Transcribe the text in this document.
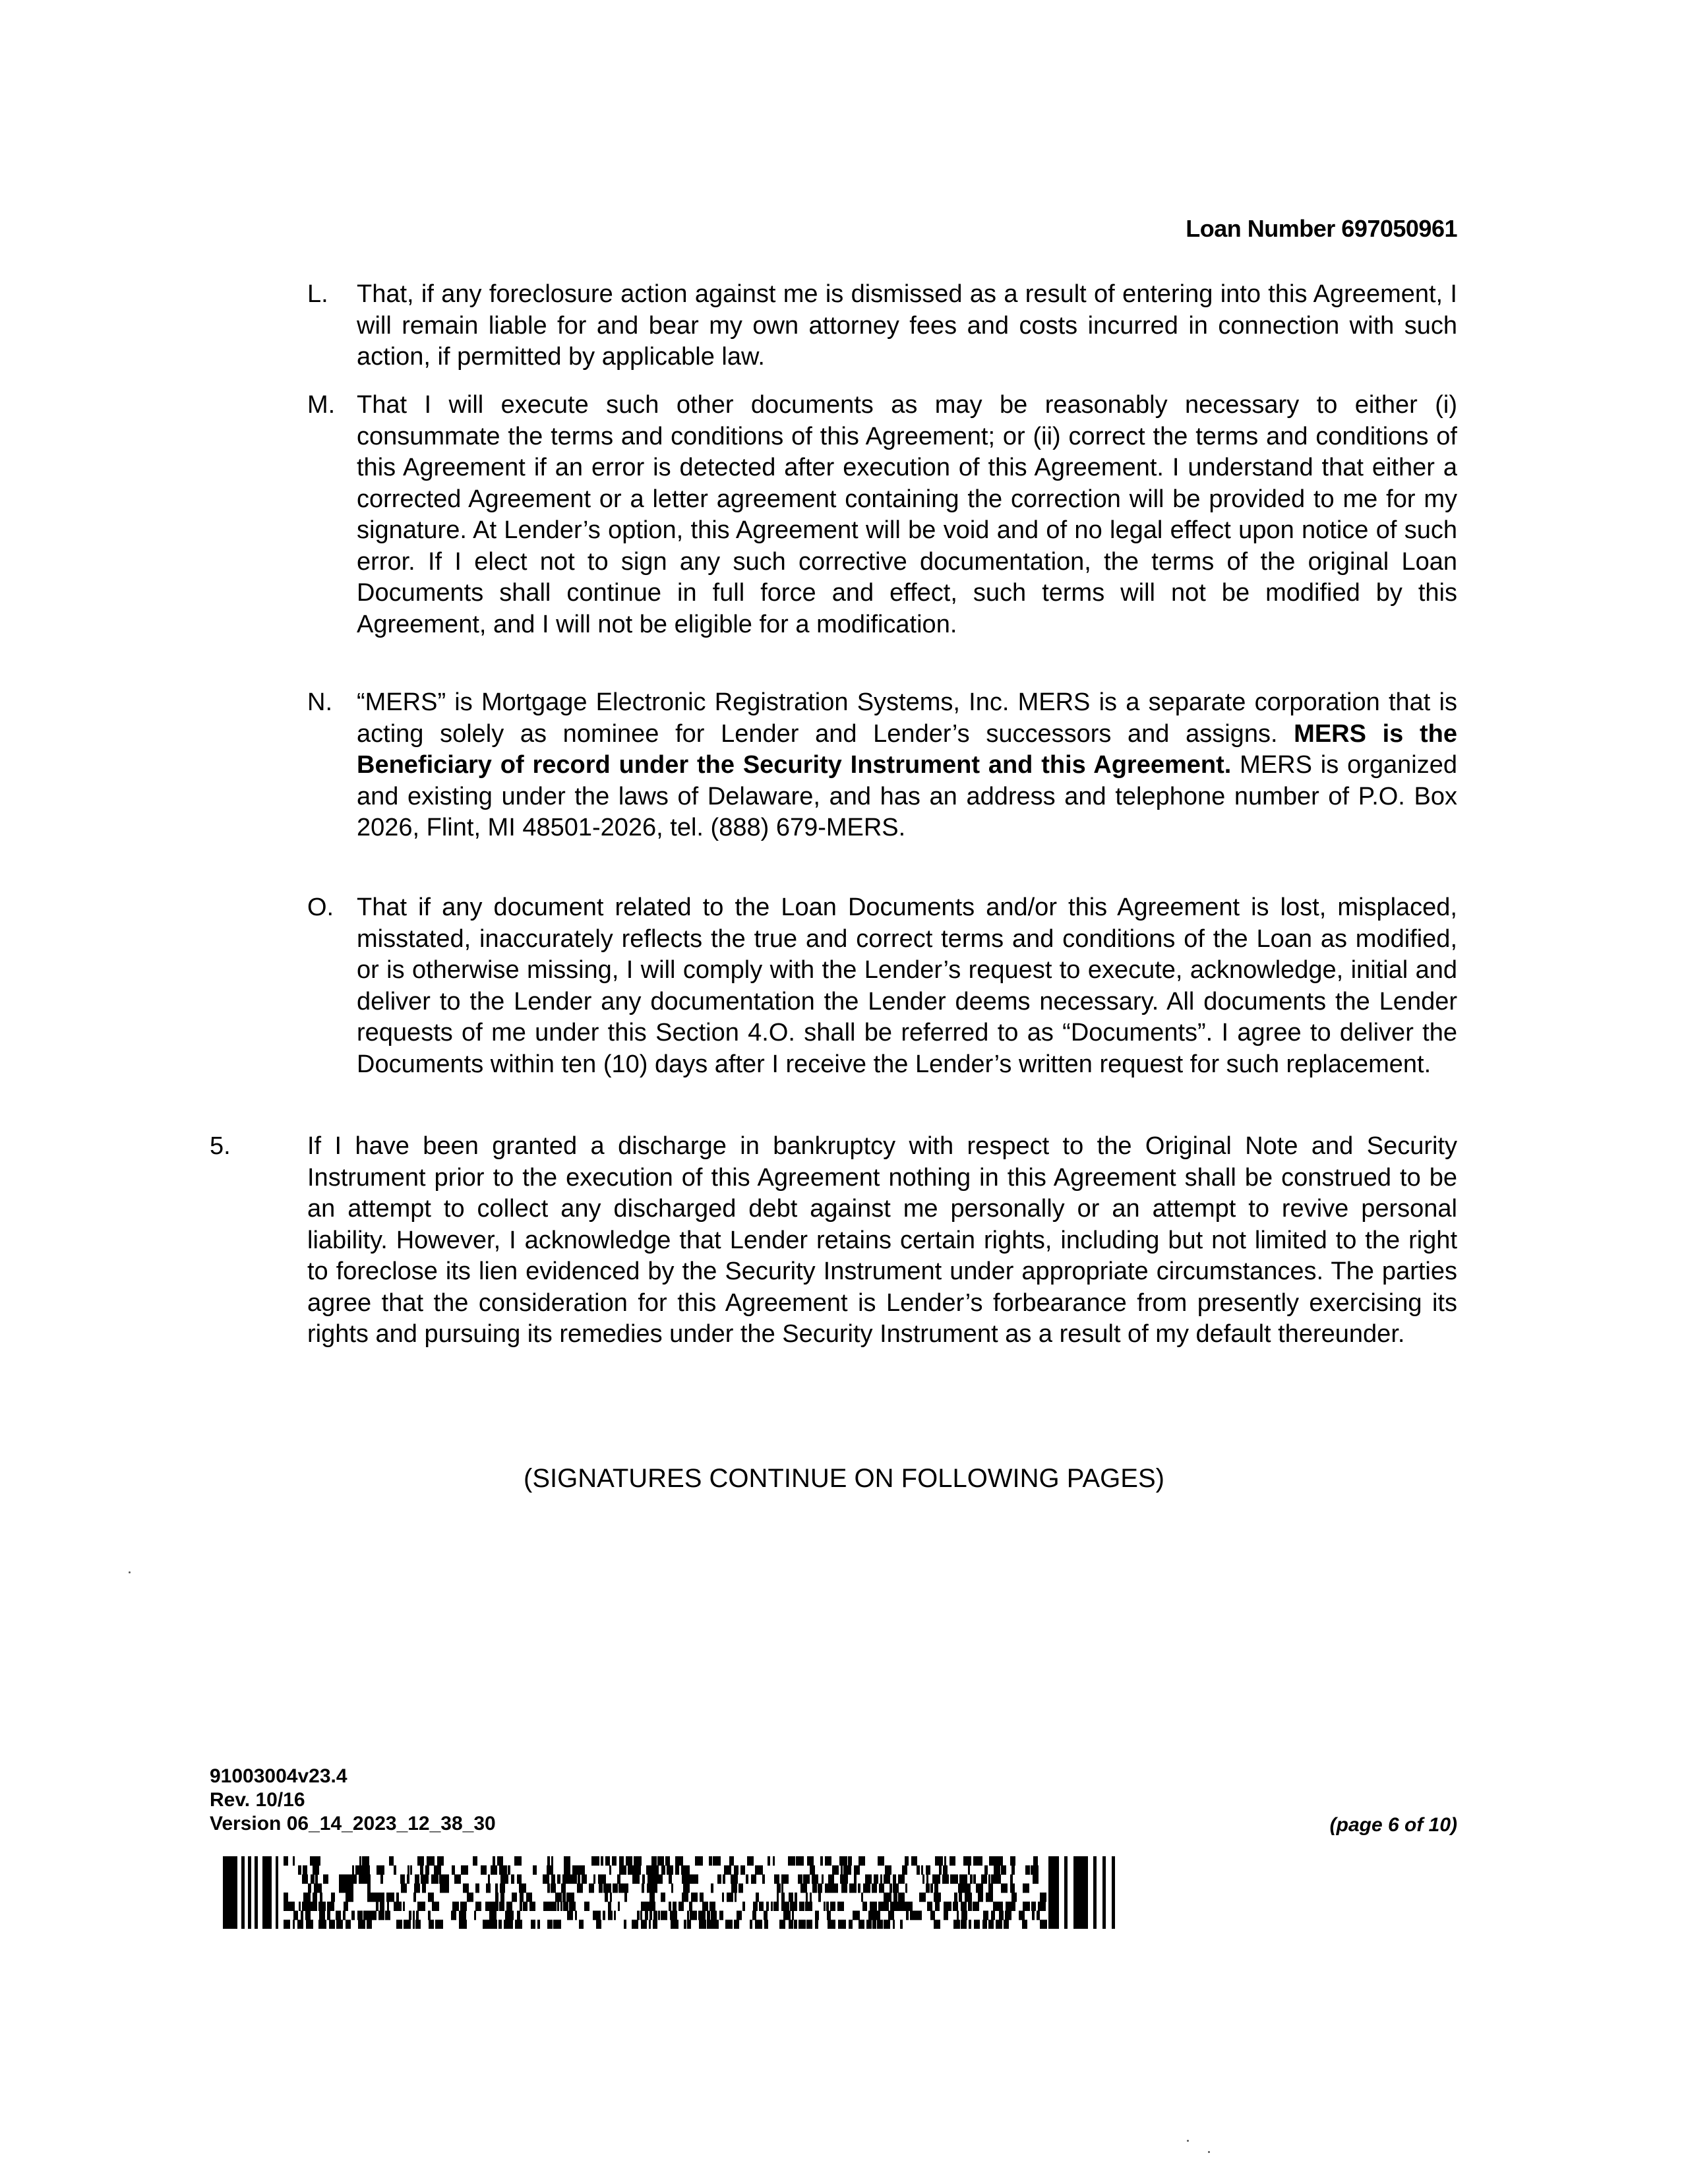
Loan Number 697050961
L.	That, if any foreclosure action against me is dismissed as a result of entering into this Agreement, I will remain liable for and bear my own attorney fees and costs incurred in connection with such action, if permitted by applicable law.
M. That I will execute such other documents as may be reasonably necessary to either (i) consummate the terms and conditions of this Agreement; or (ii) correct the terms and conditions of this Agreement if an error is detected after execution of this Agreement. I understand that either a corrected Agreement or a letter agreement containing the correction will be provided to me for my signature. At Lender’s option, this Agreement will be void and of no legal effect upon notice of such error. If I elect not to sign any such corrective documentation, the terms of the original Loan Documents shall continue in full force and effect, such terms will not be modified by this Agreement, and I will not be eligible for a modification.
N. “MERS” is Mortgage Electronic Registration Systems, Inc. MERS is a separate corporation that is acting solely as nominee for Lender and Lender’s successors and assigns. MERS is the Beneficiary of record under the Security Instrument and this Agreement. MERS is organized and existing under the laws of Delaware, and has an address and telephone number of P.O. Box 2026, Flint, MI 48501-2026, tel. (888) 679-MERS.
O. That if any document related to the Loan Documents and/or this Agreement is lost, misplaced, misstated, inaccurately reflects the true and correct terms and conditions of the Loan as modified, or is otherwise missing, I will comply with the Lender’s request to execute, acknowledge, initial and deliver to the Lender any documentation the Lender deems necessary. All documents the Lender requests of me under this Section 4.O. shall be referred to as “Documents”. I agree to deliver the Documents within ten (10) days after I receive the Lender’s written request for such replacement.
5.	If I have been granted a discharge in bankruptcy with respect to the Original Note and Security Instrument prior to the execution of this Agreement nothing in this Agreement shall be construed to be an attempt to collect any discharged debt against me personally or an attempt to revive personal liability. However, I acknowledge that Lender retains certain rights, including but not limited to the right to foreclose its lien evidenced by the Security Instrument under appropriate circumstances. The parties agree that the consideration for this Agreement is Lender’s forbearance from presently exercising its rights and pursuing its remedies under the Security Instrument as a result of my default thereunder.
(SIGNATURES CONTINUE ON FOLLOWING PAGES)
91003004v23.4
Rev. 10/16
Version 06_14_2023_12_38_30	(page 6 of 10)
